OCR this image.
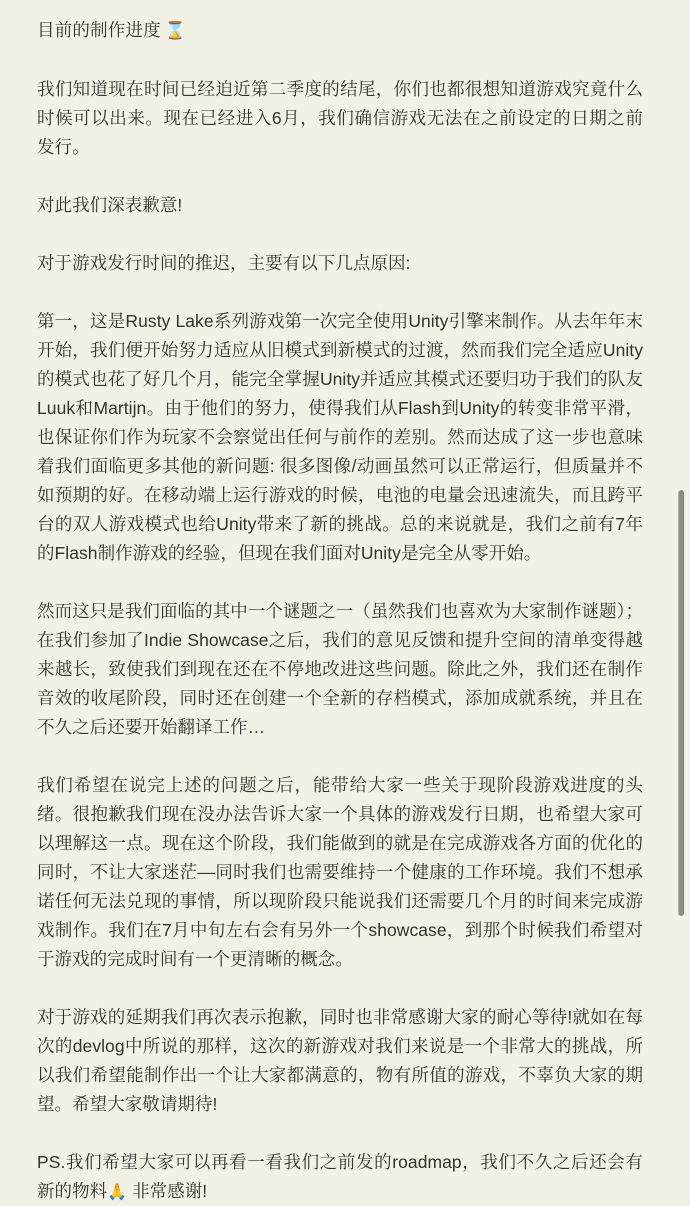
目前的制作进度 ⌛

我们知道现在时间已经迫近第二季度的结尾，你们也都很想知道游戏究竟什么时候可以出来。现在已经进入6月，我们确信游戏无法在之前设定的日期之前发行。

对此我们深表歉意!

对于游戏发行时间的推迟，主要有以下几点原因:

第一，这是Rusty Lake系列游戏第一次完全使用Unity引擎来制作。从去年年末开始，我们便开始努力适应从旧模式到新模式的过渡，然而我们完全适应Unity的模式也花了好几个月，能完全掌握Unity并适应其模式还要归功于我们的队友Luuk和Martijn。由于他们的努力，使得我们从Flash到Unity的转变非常平滑，也保证你们作为玩家不会察觉出任何与前作的差别。然而达成了这一步也意味着我们面临更多其他的新问题: 很多图像/动画虽然可以正常运行，但质量并不如预期的好。在移动端上运行游戏的时候，电池的电量会迅速流失，而且跨平台的双人游戏模式也给Unity带来了新的挑战。总的来说就是，我们之前有7年的Flash制作游戏的经验，但现在我们面对Unity是完全从零开始。

然而这只是我们面临的其中一个谜题之一（虽然我们也喜欢为大家制作谜题）；在我们参加了Indie Showcase之后，我们的意见反馈和提升空间的清单变得越来越长，致使我们到现在还在不停地改进这些问题。除此之外，我们还在制作音效的收尾阶段，同时还在创建一个全新的存档模式，添加成就系统，并且在不久之后还要开始翻译工作…

我们希望在说完上述的问题之后，能带给大家一些关于现阶段游戏进度的头绪。很抱歉我们现在没办法告诉大家一个具体的游戏发行日期，也希望大家可以理解这一点。现在这个阶段，我们能做到的就是在完成游戏各方面的优化的同时，不让大家迷茫—同时我们也需要维持一个健康的工作环境。我们不想承诺任何无法兑现的事情，所以现阶段只能说我们还需要几个月的时间来完成游戏制作。我们在7月中旬左右会有另外一个showcase，到那个时候我们希望对于游戏的完成时间有一个更清晰的概念。

对于游戏的延期我们再次表示抱歉，同时也非常感谢大家的耐心等待!就如在每次的devlog中所说的那样，这次的新游戏对我们来说是一个非常大的挑战，所以我们希望能制作出一个让大家都满意的，物有所值的游戏，不辜负大家的期望。希望大家敬请期待!

PS.我们希望大家可以再看一看我们之前发的roadmap，我们不久之后还会有新的物料🙏 非常感谢!
